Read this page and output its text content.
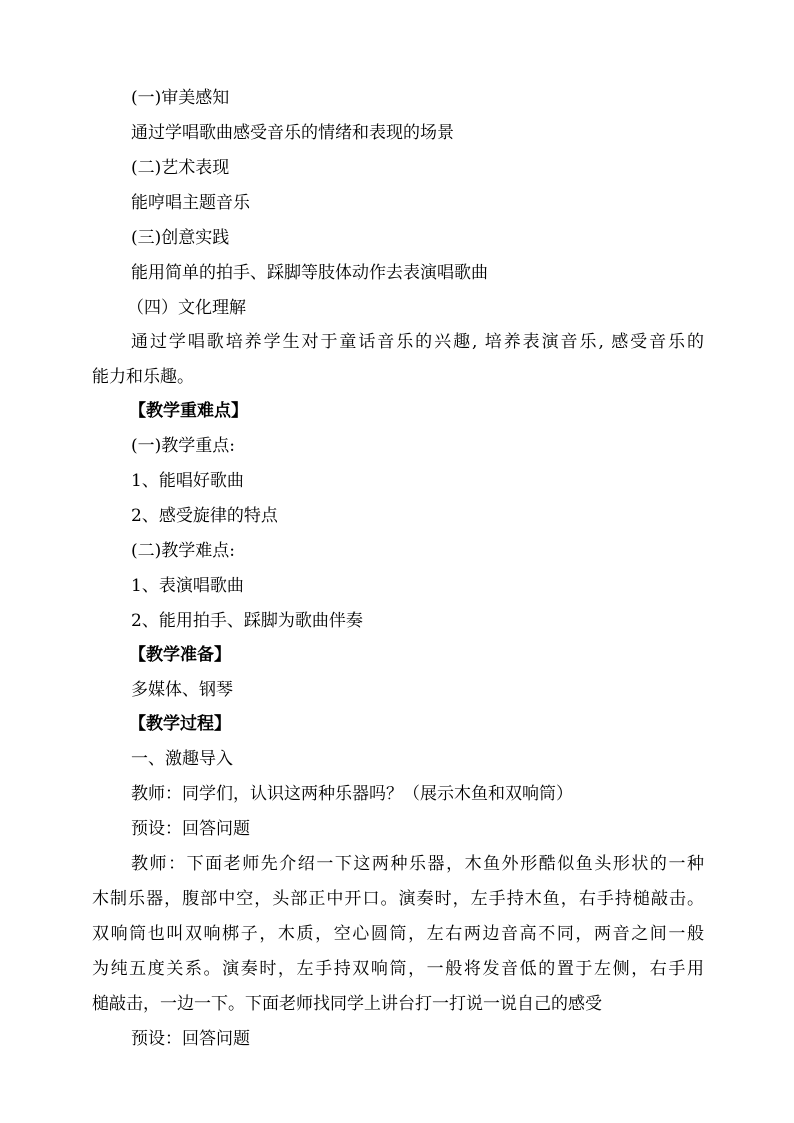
(一)审美感知
通过学唱歌曲感受音乐的情绪和表现的场景
(二)艺术表现
能哼唱主题音乐
(三)创意实践
能用简单的拍手、踩脚等肢体动作去表演唱歌曲
（四）文化理解
通过学唱歌培养学生对于童话音乐的兴趣, 培养表演音乐, 感受音乐的
能力和乐趣。
【教学重难点】
(一)教学重点:
1、能唱好歌曲
2、感受旋律的特点
(二)教学难点:
1、表演唱歌曲
2、能用拍手、踩脚为歌曲伴奏
【教学准备】
多媒体、钢琴
【教学过程】
一、激趣导入
教师：同学们，认识这两种乐器吗？（展示木鱼和双响筒）
预设：回答问题
教师：下面老师先介绍一下这两种乐器，木鱼外形酷似鱼头形状的一种
木制乐器，腹部中空，头部正中开口。演奏时，左手持木鱼，右手持槌敲击。
双响筒也叫双响梆子，木质，空心圆筒，左右两边音高不同，两音之间一般
为纯五度关系。演奏时，左手持双响筒，一般将发音低的置于左侧，右手用
槌敲击，一边一下。下面老师找同学上讲台打一打说一说自己的感受
预设：回答问题
